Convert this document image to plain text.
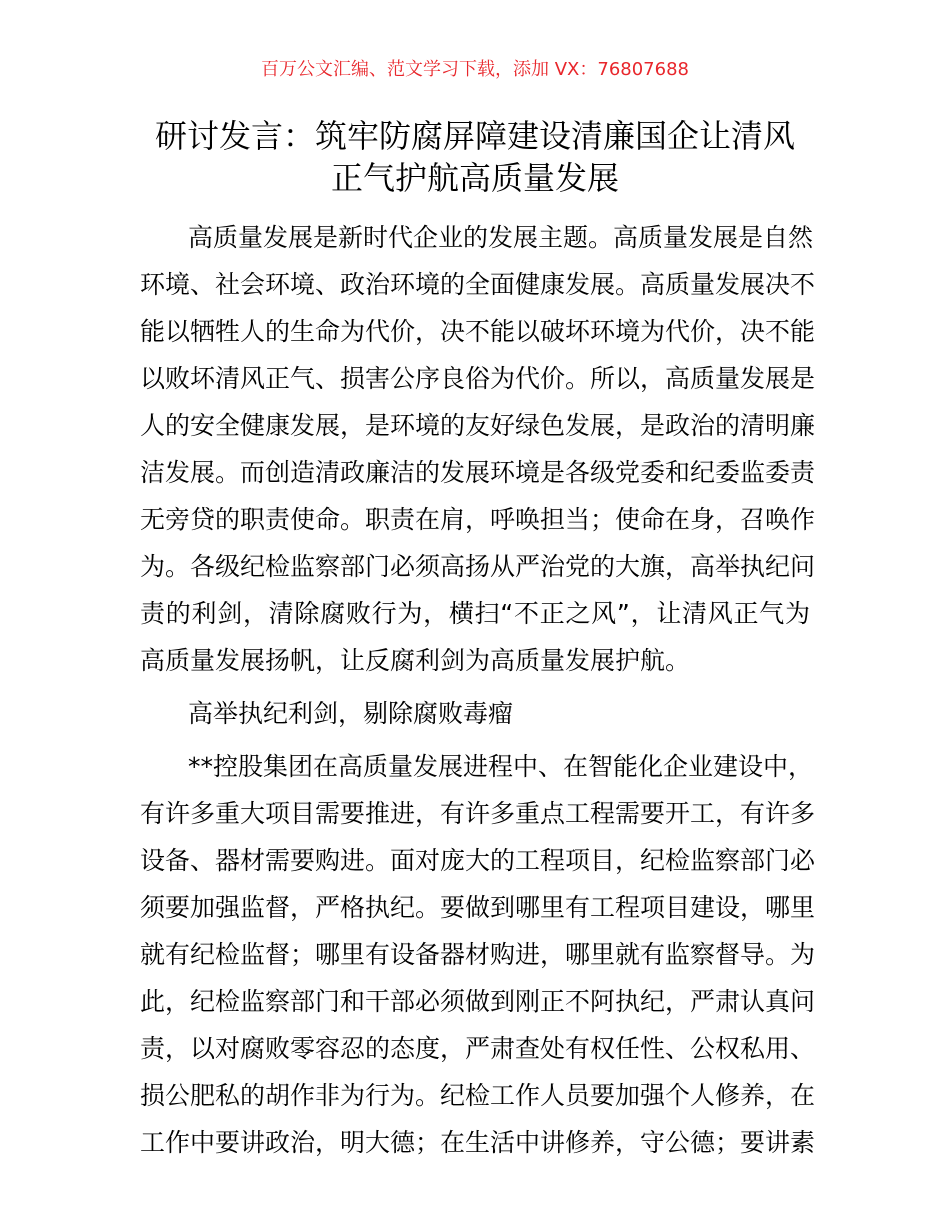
百万公文汇编、范文学习下载，添加 VX：76807688
研讨发言：筑牢防腐屏障建设清廉国企让清风
正气护航高质量发展
高质量发展是新时代企业的发展主题。高质量发展是自然
环境、社会环境、政治环境的全面健康发展。高质量发展决不
能以牺牲人的生命为代价，决不能以破坏环境为代价，决不能
以败坏清风正气、损害公序良俗为代价。所以，高质量发展是
人的安全健康发展，是环境的友好绿色发展，是政治的清明廉
洁发展。而创造清政廉洁的发展环境是各级党委和纪委监委责
无旁贷的职责使命。职责在肩，呼唤担当；使命在身，召唤作
为。各级纪检监察部门必须高扬从严治党的大旗，高举执纪问
责的利剑，清除腐败行为，横扫“不正之风”，让清风正气为
高质量发展扬帆，让反腐利剑为高质量发展护航。
高举执纪利剑，剔除腐败毒瘤
**控股集团在高质量发展进程中、在智能化企业建设中，
有许多重大项目需要推进，有许多重点工程需要开工，有许多
设备、器材需要购进。面对庞大的工程项目，纪检监察部门必
须要加强监督，严格执纪。要做到哪里有工程项目建设，哪里
就有纪检监督；哪里有设备器材购进，哪里就有监察督导。为
此，纪检监察部门和干部必须做到刚正不阿执纪，严肃认真问
责，以对腐败零容忍的态度，严肃查处有权任性、公权私用、
损公肥私的胡作非为行为。纪检工作人员要加强个人修养，在
工作中要讲政治，明大德；在生活中讲修养，守公德；要讲素
